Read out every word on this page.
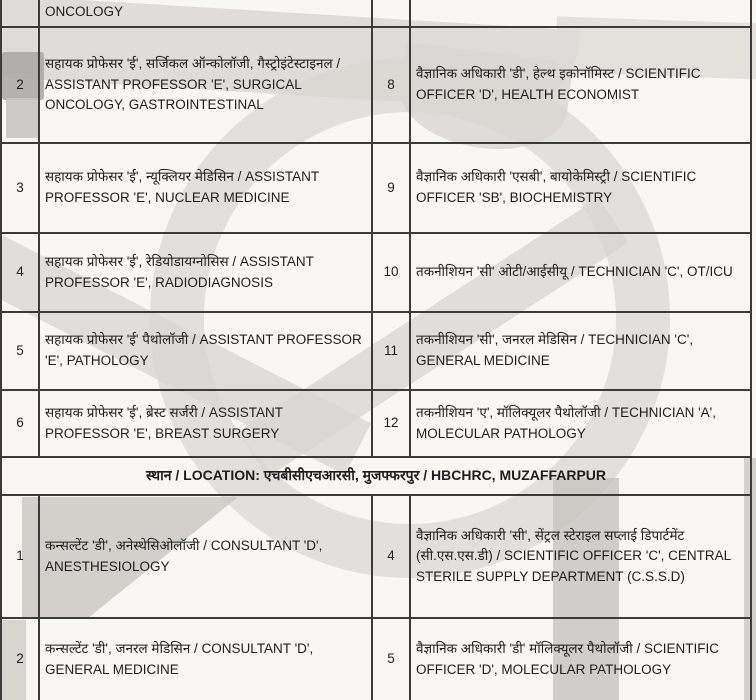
	ONCOLOGY		
2	सहायक प्रोफेसर 'ई', सर्जिकल ऑन्कोलॉजी, गैस्ट्रोइंटेस्टाइनल / ASSISTANT PROFESSOR 'E', SURGICAL ONCOLOGY, GASTROINTESTINAL	8	वैज्ञानिक अधिकारी 'डी', हेल्थ इकोनॉमिस्ट / SCIENTIFIC OFFICER 'D', HEALTH ECONOMIST
3	सहायक प्रोफेसर 'ई', न्यूक्लियर मेडिसिन / ASSISTANT PROFESSOR 'E', NUCLEAR MEDICINE	9	वैज्ञानिक अधिकारी 'एसबी', बायोकेमिस्ट्री / SCIENTIFIC OFFICER 'SB', BIOCHEMISTRY
4	सहायक प्रोफेसर 'ई', रेडियोडायग्नोसिस / ASSISTANT PROFESSOR 'E', RADIODIAGNOSIS	10	तकनीशियन 'सी' ओटी/आईसीयू / TECHNICIAN 'C', OT/ICU
5	सहायक प्रोफेसर 'ई' पैथोलॉजी / ASSISTANT PROFESSOR 'E', PATHOLOGY	11	तकनीशियन 'सी', जनरल मेडिसिन / TECHNICIAN 'C', GENERAL MEDICINE
6	सहायक प्रोफेसर 'ई', ब्रेस्ट सर्जरी / ASSISTANT PROFESSOR 'E', BREAST SURGERY	12	तकनीशियन 'ए', मॉलिक्यूलर पैथोलॉजी / TECHNICIAN 'A', MOLECULAR PATHOLOGY
स्थान / LOCATION: एचबीसीएचआरसी, मुजफ्फरपुर / HBCHRC, MUZAFFARPUR			
1	कन्सल्टेंट 'डी', अनेस्थेसिओलॉजी / CONSULTANT 'D', ANESTHESIOLOGY	4	वैज्ञानिक अधिकारी 'सी', सेंट्रल स्टेराइल सप्लाई डिपार्टमेंट (सी.एस.एस.डी) / SCIENTIFIC OFFICER 'C', CENTRAL STERILE SUPPLY DEPARTMENT (C.S.S.D)
2	कन्सल्टेंट 'डी', जनरल मेडिसिन / CONSULTANT 'D', GENERAL MEDICINE	5	वैज्ञानिक अधिकारी 'डी' मॉलिक्यूलर पैथोलॉजी / SCIENTIFIC OFFICER 'D', MOLECULAR PATHOLOGY
